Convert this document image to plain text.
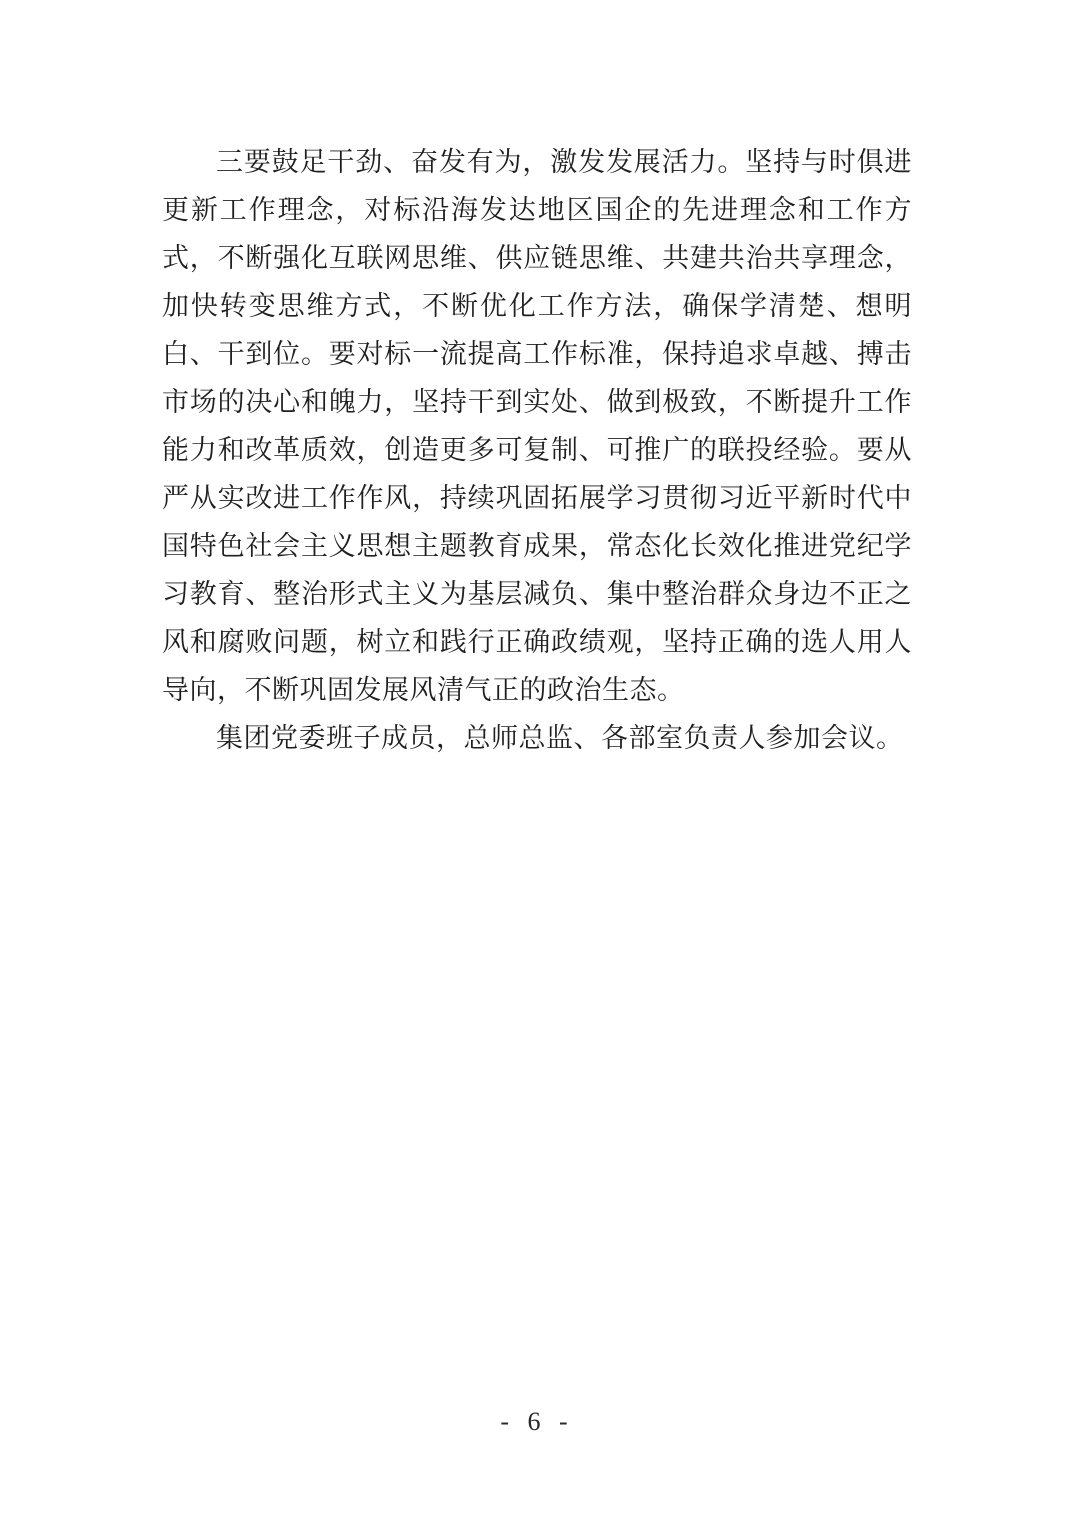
三要鼓足干劲、奋发有为，激发发展活力。坚持与时俱进更新工作理念，对标沿海发达地区国企的先进理念和工作方式，不断强化互联网思维、供应链思维、共建共治共享理念，加快转变思维方式，不断优化工作方法，确保学清楚、想明白、干到位。要对标一流提高工作标准，保持追求卓越、搏击市场的决心和魄力，坚持干到实处、做到极致，不断提升工作能力和改革质效，创造更多可复制、可推广的联投经验。要从严从实改进工作作风，持续巩固拓展学习贯彻习近平新时代中国特色社会主义思想主题教育成果，常态化长效化推进党纪学习教育、整治形式主义为基层减负、集中整治群众身边不正之风和腐败问题，树立和践行正确政绩观，坚持正确的选人用人导向，不断巩固发展风清气正的政治生态。

集团党委班子成员，总师总监、各部室负责人参加会议。

- 6 -
